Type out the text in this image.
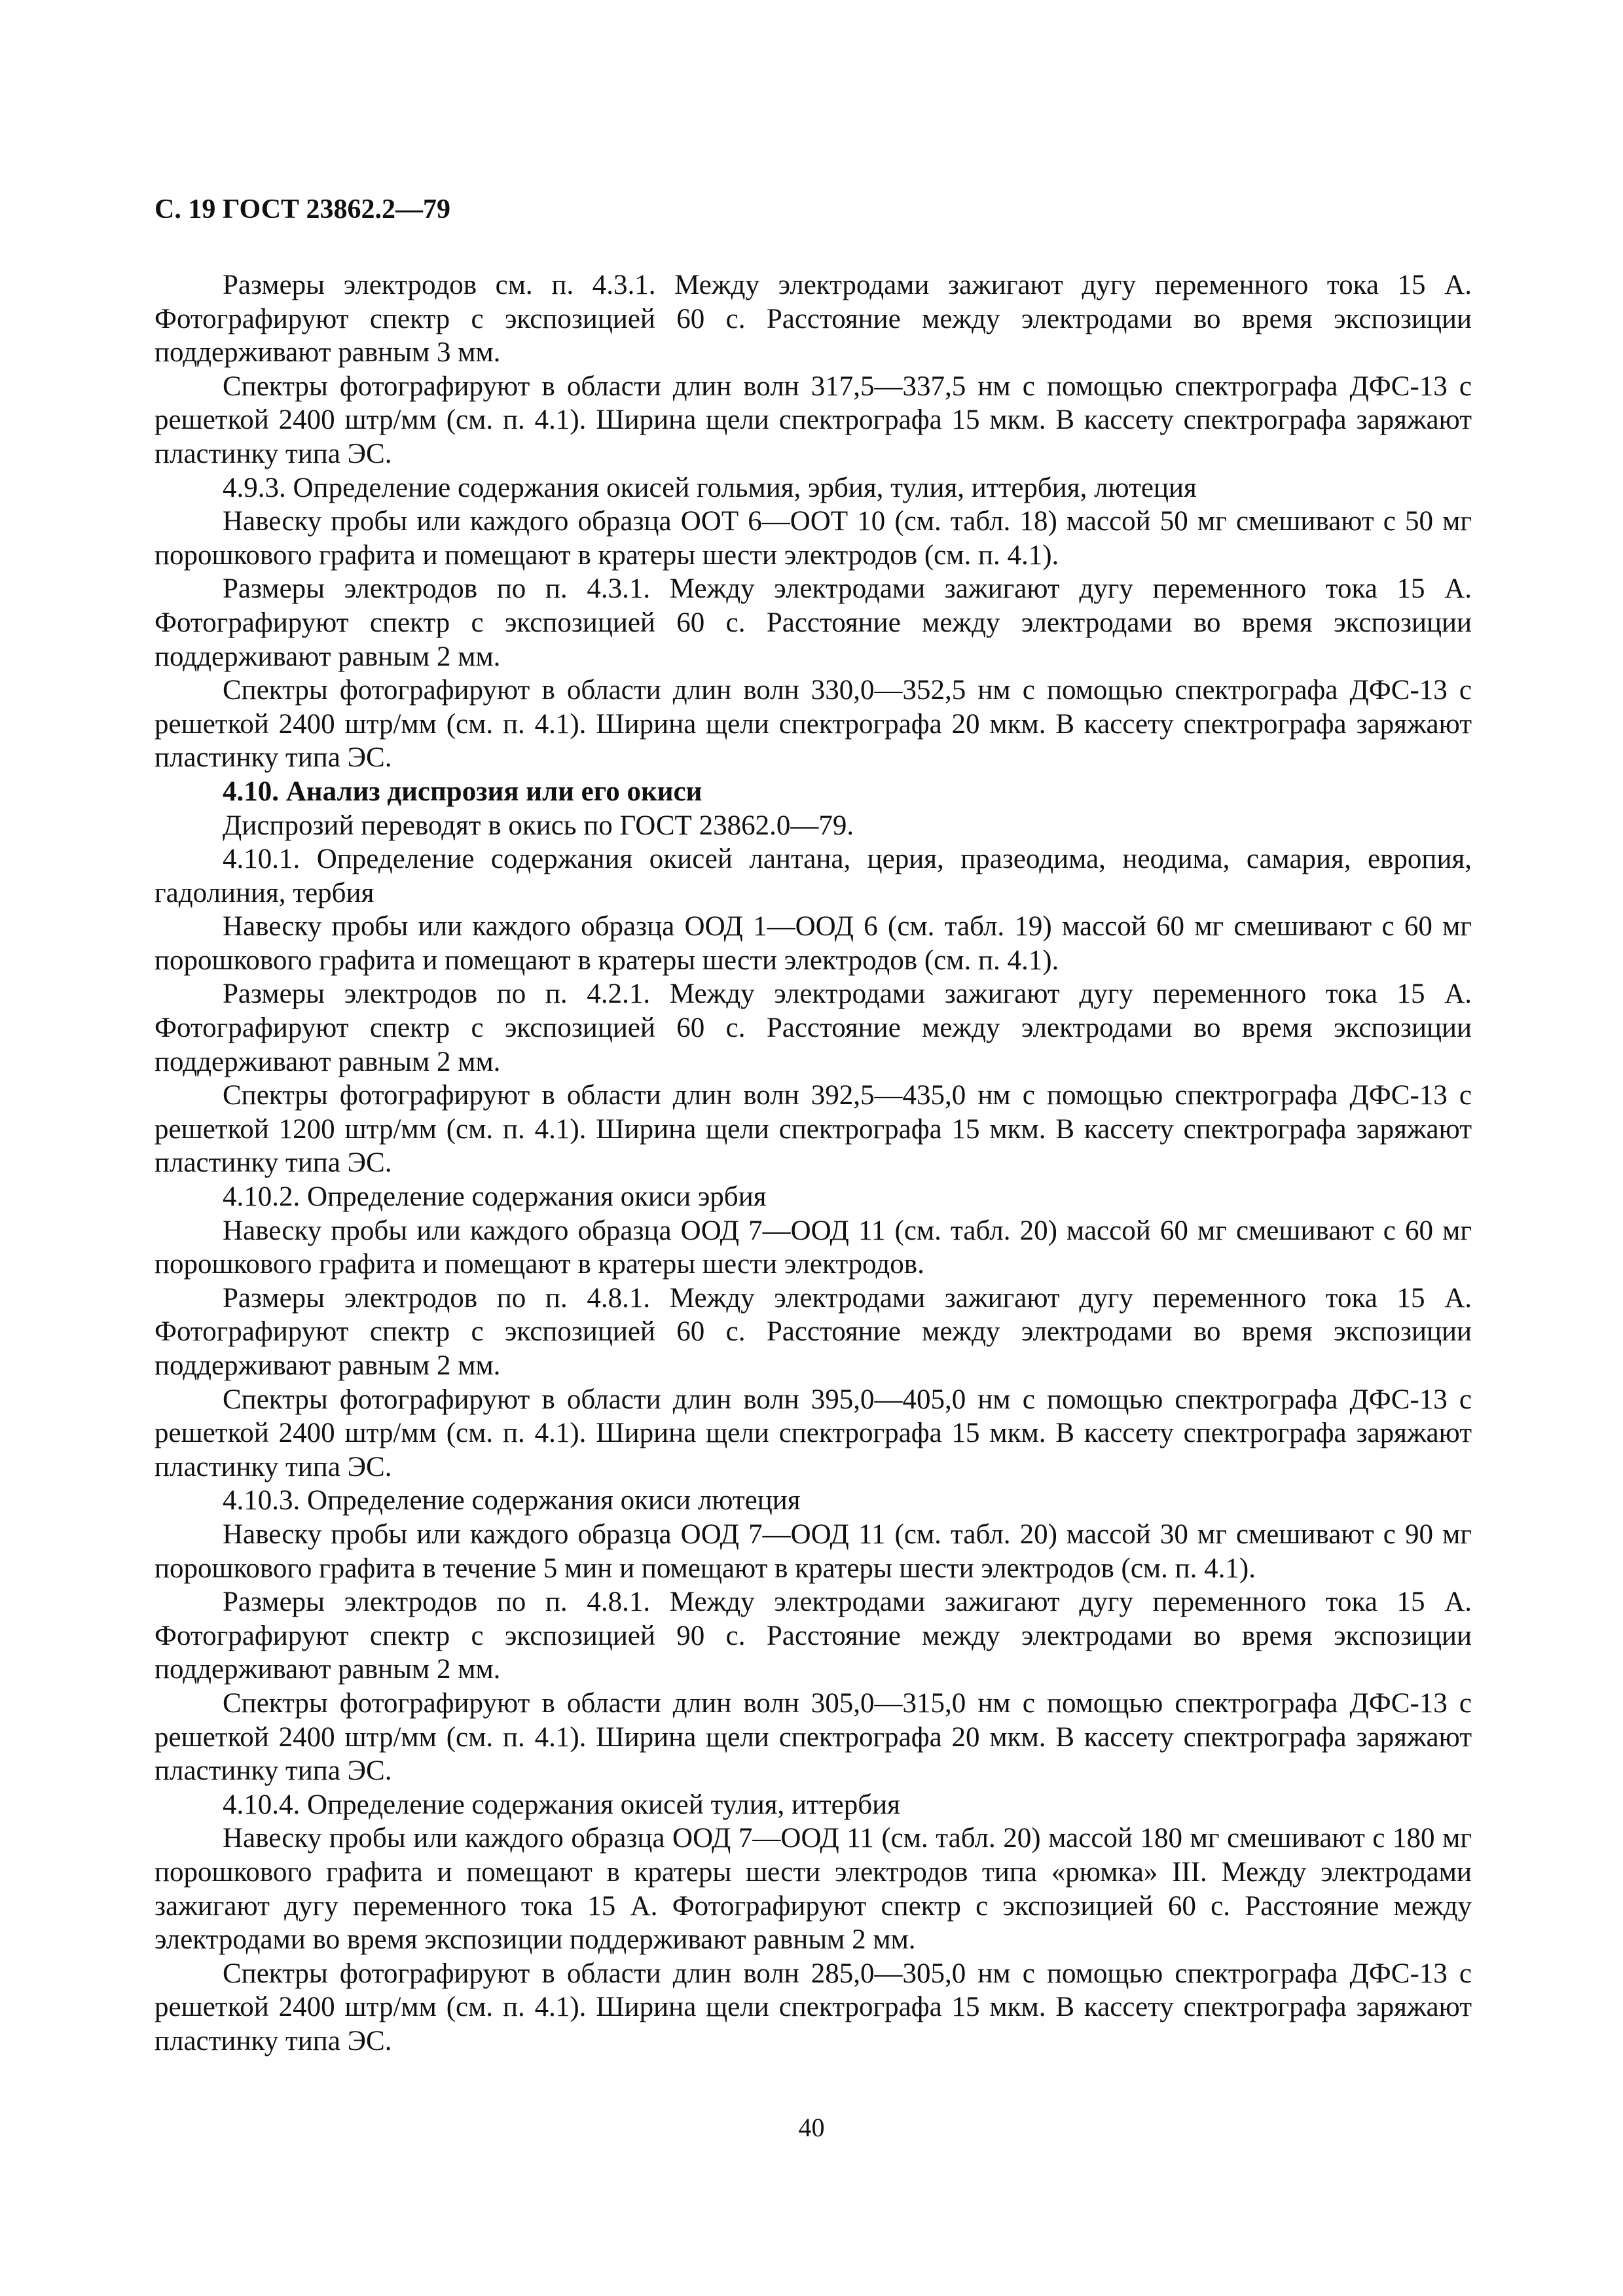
С. 19 ГОСТ 23862.2—79

Размеры электродов см. п. 4.3.1. Между электродами зажигают дугу переменного тока 15 А. Фотографируют спектр с экспозицией 60 с. Расстояние между электродами во время экспозиции поддерживают равным 3 мм.

Спектры фотографируют в области длин волн 317,5—337,5 нм с помощью спектрографа ДФС-13 с решеткой 2400 штр/мм (см. п. 4.1). Ширина щели спектрографа 15 мкм. В кассету спектрографа заряжают пластинку типа ЭС.

4.9.3. Определение содержания окисей гольмия, эрбия, тулия, иттербия, лютеция

Навеску пробы или каждого образца ООТ 6—ООТ 10 (см. табл. 18) массой 50 мг смешивают с 50 мг порошкового графита и помещают в кратеры шести электродов (см. п. 4.1).

Размеры электродов по п. 4.3.1. Между электродами зажигают дугу переменного тока 15 А. Фотографируют спектр с экспозицией 60 с. Расстояние между электродами во время экспозиции поддерживают равным 2 мм.

Спектры фотографируют в области длин волн 330,0—352,5 нм с помощью спектрографа ДФС-13 с решеткой 2400 штр/мм (см. п. 4.1). Ширина щели спектрографа 20 мкм. В кассету спектрографа заряжают пластинку типа ЭС.

4.10. Анализ диспрозия или его окиси

Диспрозий переводят в окись по ГОСТ 23862.0—79.

4.10.1. Определение содержания окисей лантана, церия, празеодима, неодима, самария, европия, гадолиния, тербия

Навеску пробы или каждого образца ООД 1—ООД 6 (см. табл. 19) массой 60 мг смешивают с 60 мг порошкового графита и помещают в кратеры шести электродов (см. п. 4.1).

Размеры электродов по п. 4.2.1. Между электродами зажигают дугу переменного тока 15 А. Фотографируют спектр с экспозицией 60 с. Расстояние между электродами во время экспозиции поддерживают равным 2 мм.

Спектры фотографируют в области длин волн 392,5—435,0 нм с помощью спектрографа ДФС-13 с решеткой 1200 штр/мм (см. п. 4.1). Ширина щели спектрографа 15 мкм. В кассету спектрографа заряжают пластинку типа ЭС.

4.10.2. Определение содержания окиси эрбия

Навеску пробы или каждого образца ООД 7—ООД 11 (см. табл. 20) массой 60 мг смешивают с 60 мг порошкового графита и помещают в кратеры шести электродов.

Размеры электродов по п. 4.8.1. Между электродами зажигают дугу переменного тока 15 А. Фотографируют спектр с экспозицией 60 с. Расстояние между электродами во время экспозиции поддерживают равным 2 мм.

Спектры фотографируют в области длин волн 395,0—405,0 нм с помощью спектрографа ДФС-13 с решеткой 2400 штр/мм (см. п. 4.1). Ширина щели спектрографа 15 мкм. В кассету спектрографа заряжают пластинку типа ЭС.

4.10.3. Определение содержания окиси лютеция

Навеску пробы или каждого образца ООД 7—ООД 11 (см. табл. 20) массой 30 мг смешивают с 90 мг порошкового графита в течение 5 мин и помещают в кратеры шести электродов (см. п. 4.1).

Размеры электродов по п. 4.8.1. Между электродами зажигают дугу переменного тока 15 А. Фотографируют спектр с экспозицией 90 с. Расстояние между электродами во время экспозиции поддерживают равным 2 мм.

Спектры фотографируют в области длин волн 305,0—315,0 нм с помощью спектрографа ДФС-13 с решеткой 2400 штр/мм (см. п. 4.1). Ширина щели спектрографа 20 мкм. В кассету спектрографа заряжают пластинку типа ЭС.

4.10.4. Определение содержания окисей тулия, иттербия

Навеску пробы или каждого образца ООД 7—ООД 11 (см. табл. 20) массой 180 мг смешивают с 180 мг порошкового графита и помещают в кратеры шести электродов типа «рюмка» III. Между электродами зажигают дугу переменного тока 15 А. Фотографируют спектр с экспозицией 60 с. Расстояние между электродами во время экспозиции поддерживают равным 2 мм.

Спектры фотографируют в области длин волн 285,0—305,0 нм с помощью спектрографа ДФС-13 с решеткой 2400 штр/мм (см. п. 4.1). Ширина щели спектрографа 15 мкм. В кассету спектрографа заряжают пластинку типа ЭС.

40
